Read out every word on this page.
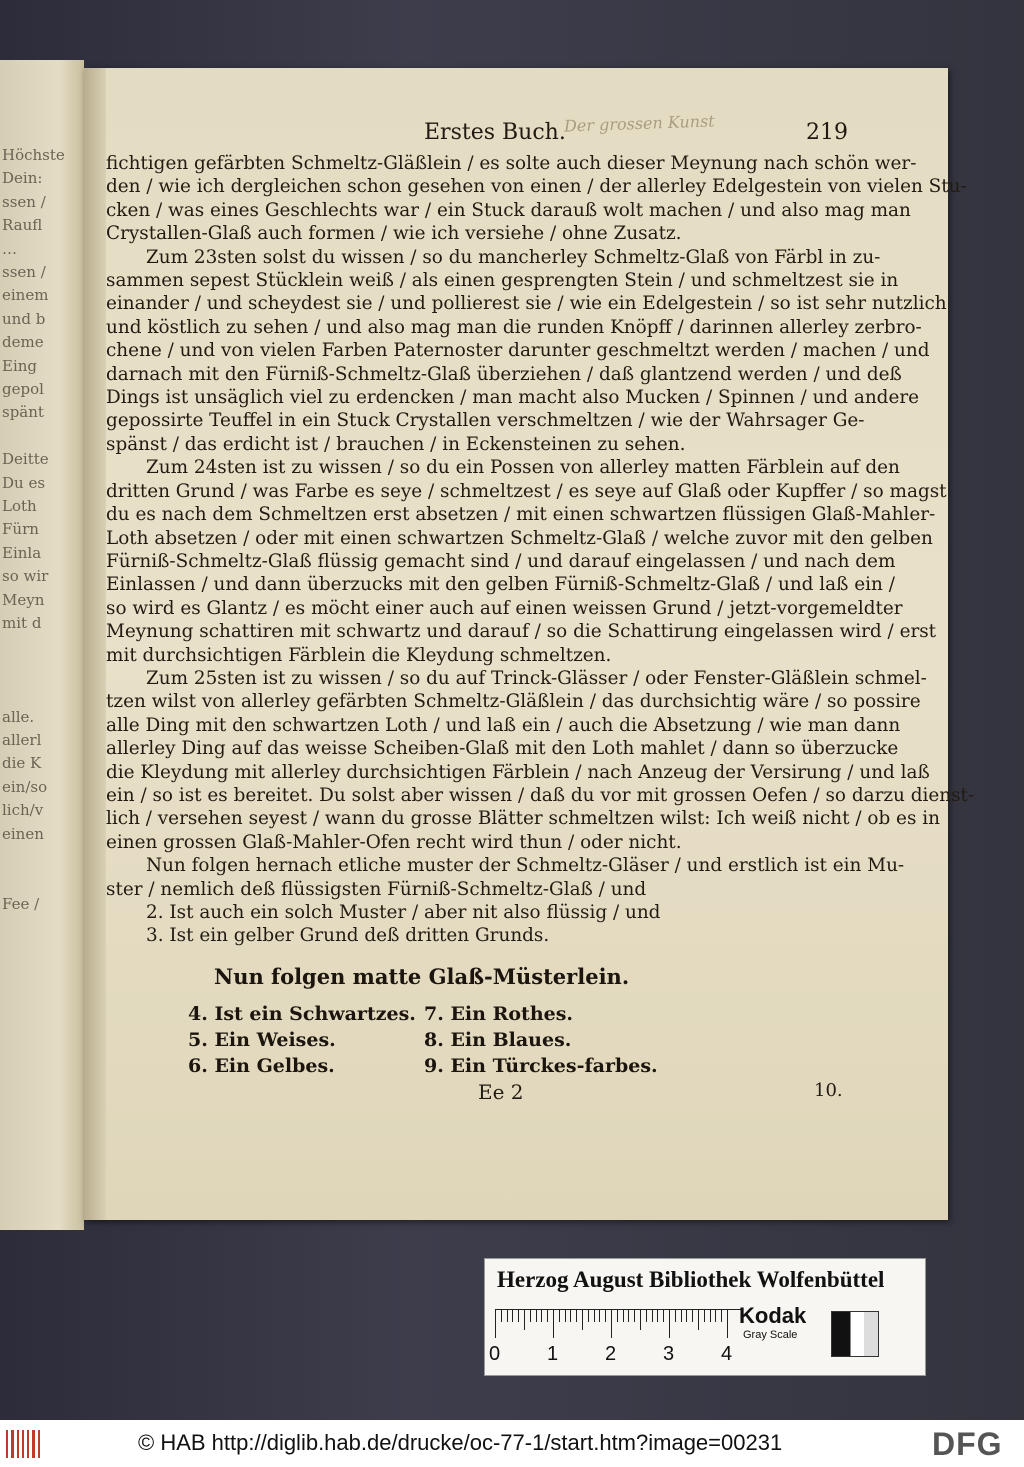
Höchste
Dein:
ssen /
Raufl
…
ssen /
einem
und b
deme
Eing
gepol
spänt
Deitte
Du es
Loth
Fürn
Einla
so wir
Meyn
mit d
alle.
allerl
die K
ein/so
lich/v
einen
Fee /
Erstes Buch.	219
Der grossen Kunst
fichtigen gefärbten Schmeltz-Gläßlein / es solte auch dieser Meynung nach schön wer-
den / wie ich dergleichen schon gesehen von einen / der allerley Edelgestein von vielen Stu-
cken / was eines Geschlechts war / ein Stuck darauß wolt machen / und also mag man
Crystallen-Glaß auch formen / wie ich versiehe / ohne Zusatz.
Zum 23sten solst du wissen / so du mancherley Schmeltz-Glaß von Färbl in zu-
sammen sepest Stücklein weiß / als einen gesprengten Stein / und schmeltzest sie in
einander / und scheydest sie / und pollierest sie / wie ein Edelgestein / so ist sehr nutzlich
und köstlich zu sehen / und also mag man die runden Knöpff / darinnen allerley zerbro-
chene / und von vielen Farben Paternoster darunter geschmeltzt werden / machen / und
darnach mit den Fürniß-Schmeltz-Glaß überziehen / daß glantzend werden / und deß
Dings ist unsäglich viel zu erdencken / man macht also Mucken / Spinnen / und andere
gepossirte Teuffel in ein Stuck Crystallen verschmeltzen / wie der Wahrsager Ge-
spänst / das erdicht ist / brauchen / in Eckensteinen zu sehen.
Zum 24sten ist zu wissen / so du ein Possen von allerley matten Färblein auf den
dritten Grund / was Farbe es seye / schmeltzest / es seye auf Glaß oder Kupffer / so magst
du es nach dem Schmeltzen erst absetzen / mit einen schwartzen flüssigen Glaß-Mahler-
Loth absetzen / oder mit einen schwartzen Schmeltz-Glaß / welche zuvor mit den gelben
Fürniß-Schmeltz-Glaß flüssig gemacht sind / und darauf eingelassen / und nach dem
Einlassen / und dann überzucks mit den gelben Fürniß-Schmeltz-Glaß / und laß ein /
so wird es Glantz / es möcht einer auch auf einen weissen Grund / jetzt-vorgemeldter
Meynung schattiren mit schwartz und darauf / so die Schattirung eingelassen wird / erst
mit durchsichtigen Färblein die Kleydung schmeltzen.
Zum 25sten ist zu wissen / so du auf Trinck-Glässer / oder Fenster-Gläßlein schmel-
tzen wilst von allerley gefärbten Schmeltz-Gläßlein / das durchsichtig wäre / so possire
alle Ding mit den schwartzen Loth / und laß ein / auch die Absetzung / wie man dann
allerley Ding auf das weisse Scheiben-Glaß mit den Loth mahlet / dann so überzucke
die Kleydung mit allerley durchsichtigen Färblein / nach Anzeug der Versirung / und laß
ein / so ist es bereitet. Du solst aber wissen / daß du vor mit grossen Oefen / so darzu dienst-
lich / versehen seyest / wann du grosse Blätter schmeltzen wilst: Ich weiß nicht / ob es in
einen grossen Glaß-Mahler-Ofen recht wird thun / oder nicht.
Nun folgen hernach etliche muster der Schmeltz-Gläser / und erstlich ist ein Mu-
ster / nemlich deß flüssigsten Fürniß-Schmeltz-Glaß / und

2. Ist auch ein solch Muster / aber nit also flüssig / und

3. Ist ein gelber Grund deß dritten Grunds.

Nun folgen matte Glaß-Müsterlein.
4. Ist ein Schwartzes. 7. Ein Rothes.
5. Ein Weises.	8. Ein Blaues.
6. Ein Gelbes.	9. Ein Türckes-farbes.
Ee 2	10.
Herzog August Bibliothek Wolfenbüttel
0 1 2 3 4
Kodak
Gray Scale
© HAB http://diglib.hab.de/drucke/oc-77-1/start.htm?image=00231	DFG
